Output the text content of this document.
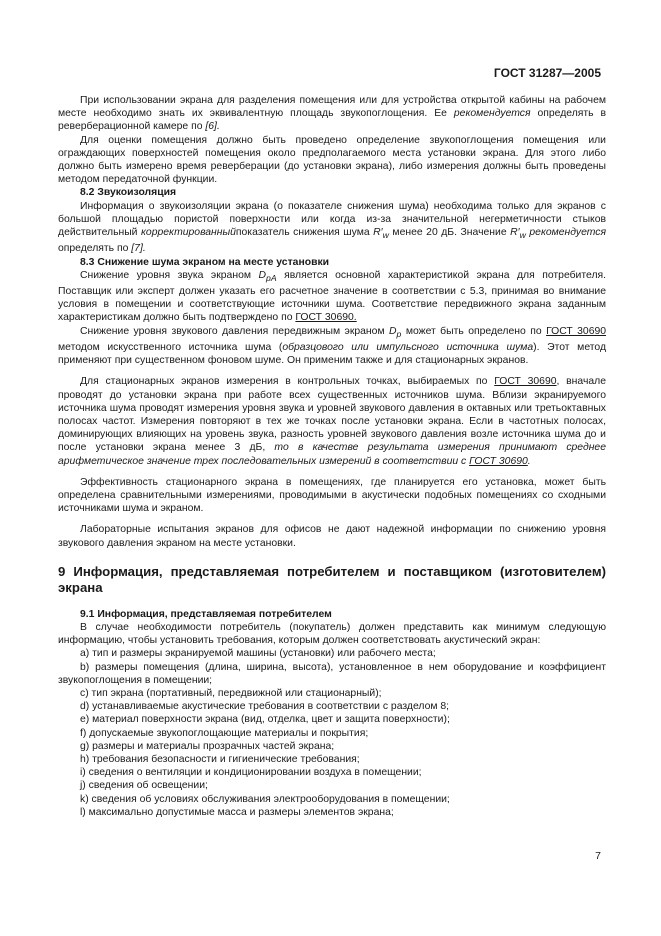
ГОСТ 31287—2005

При использовании экрана для разделения помещения или для устройства открытой кабины на рабочем месте необходимо знать их эквивалентную площадь звукопоглощения. Ее рекомендуется определять в реверберационной камере по [6].

Для оценки помещения должно быть проведено определение звукопоглощения помещения или ограждающих поверхностей помещения около предполагаемого места установки экрана. Для этого либо должно быть измерено время реверберации (до установки экрана), либо измерения должны быть проведены методом передаточной функции.

8.2 Звукоизоляция

Информация о звукоизоляции экрана (о показателе снижения шума) необходима только для экранов с большой площадью пористой поверхности или когда из-за значительной негерметичности стыков действительный корректированныйпоказатель снижения шума $R'_w$ менее 20 дБ. Значение $R'_w$ рекомендуется определять по [7].

8.3 Снижение шума экраном на месте установки

Снижение уровня звука экраном $D_{pA}$ является основной характеристикой экрана для потребителя. Поставщик или эксперт должен указать его расчетное значение в соответствии с 5.3, принимая во внимание условия в помещении и соответствующие источники шума. Соответствие передвижного экрана заданным характеристикам должно быть подтверждено по ГОСТ 30690.

Снижение уровня звукового давления передвижным экраном $D_p$ может быть определено по ГОСТ 30690 методом искусственного источника шума (образцового или импульсного источника шума). Этот метод применяют при существенном фоновом шуме. Он применим также и для стационарных экранов.

Для стационарных экранов измерения в контрольных точках, выбираемых по ГОСТ 30690, вначале проводят до установки экрана при работе всех существенных источников шума. Вблизи экранируемого источника шума проводят измерения уровня звука и уровней звукового давления в октавных или третьоктавных полосах частот. Измерения повторяют в тех же точках после установки экрана. Если в частотных полосах, доминирующих влияющих на уровень звука, разность уровней звукового давления возле источника шума до и после установки экрана менее 3 дБ, то в качестве результата измерения принимают среднее арифметическое значение трех последовательных измерений в соответствии с ГОСТ 30690.

Эффективность стационарного экрана в помещениях, где планируется его установка, может быть определена сравнительными измерениями, проводимыми в акустически подобных помещениях со сходными источниками шума и экраном.

Лабораторные испытания экранов для офисов не дают надежной информации по снижению уровня звукового давления экраном на месте установки.

9 Информация, представляемая потребителем и поставщиком (изготовителем) экрана
9.1 Информация, представляемая потребителем

В случае необходимости потребитель (покупатель) должен представить как минимум следующую информацию, чтобы установить требования, которым должен соответствовать акустический экран:

a) тип и размеры экранируемой машины (установки) или рабочего места;

b) размеры помещения (длина, ширина, высота), установленное в нем оборудование и коэффициент звукопоглощения в помещении;

c) тип экрана (портативный, передвижной или стационарный);

d) устанавливаемые акустические требования в соответствии с разделом 8;

e) материал поверхности экрана (вид, отделка, цвет и защита поверхности);

f) допускаемые звукопоглощающие материалы и покрытия;

g) размеры и материалы прозрачных частей экрана;

h) требования безопасности и гигиенические требования;

i) сведения о вентиляции и кондиционировании воздуха в помещении;

j) сведения об освещении;

k) сведения об условиях обслуживания электрооборудования в помещении;

l) максимально допустимые масса и размеры элементов экрана;

7
